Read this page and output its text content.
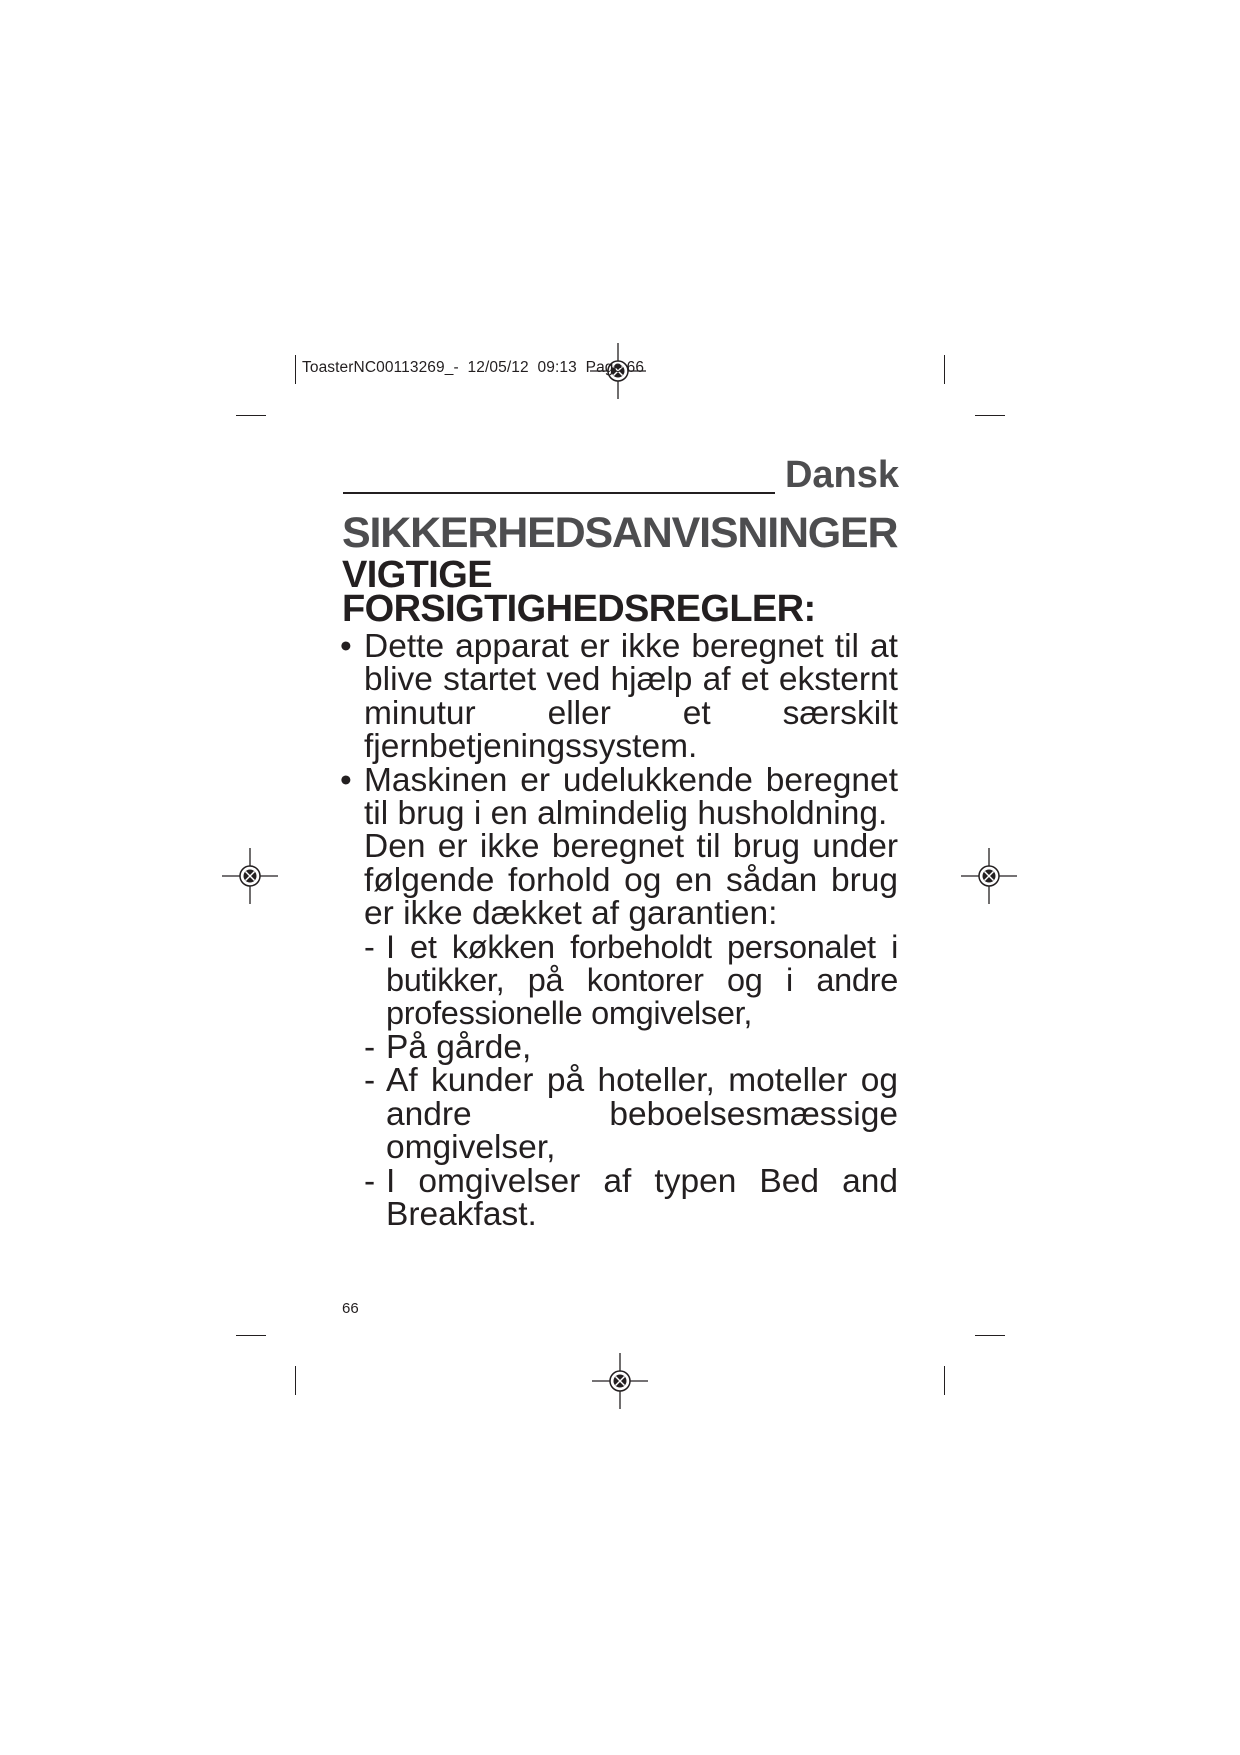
ToasterNC00113269_- 12/05/12 09:13 Page 66
Dansk
SIKKERHEDSANVISNINGER
VIGTIGE FORSIGTIGHEDSREGLER:
• Dette apparat er ikke beregnet til at blive startet ved hjælp af et eksternt minutur eller et særskilt fjernbetjeningssystem.
• Maskinen er udelukkende beregnet til brug i en almindelig husholdning.
Den er ikke beregnet til brug under følgende forhold og en sådan brug er ikke dækket af garantien:
- I et køkken forbeholdt personalet i butikker, på kontorer og i andre professionelle omgivelser,
- På gårde,
- Af kunder på hoteller, moteller og andre beboelsesmæssige omgivelser,
- I omgivelser af typen Bed and Breakfast.
66
